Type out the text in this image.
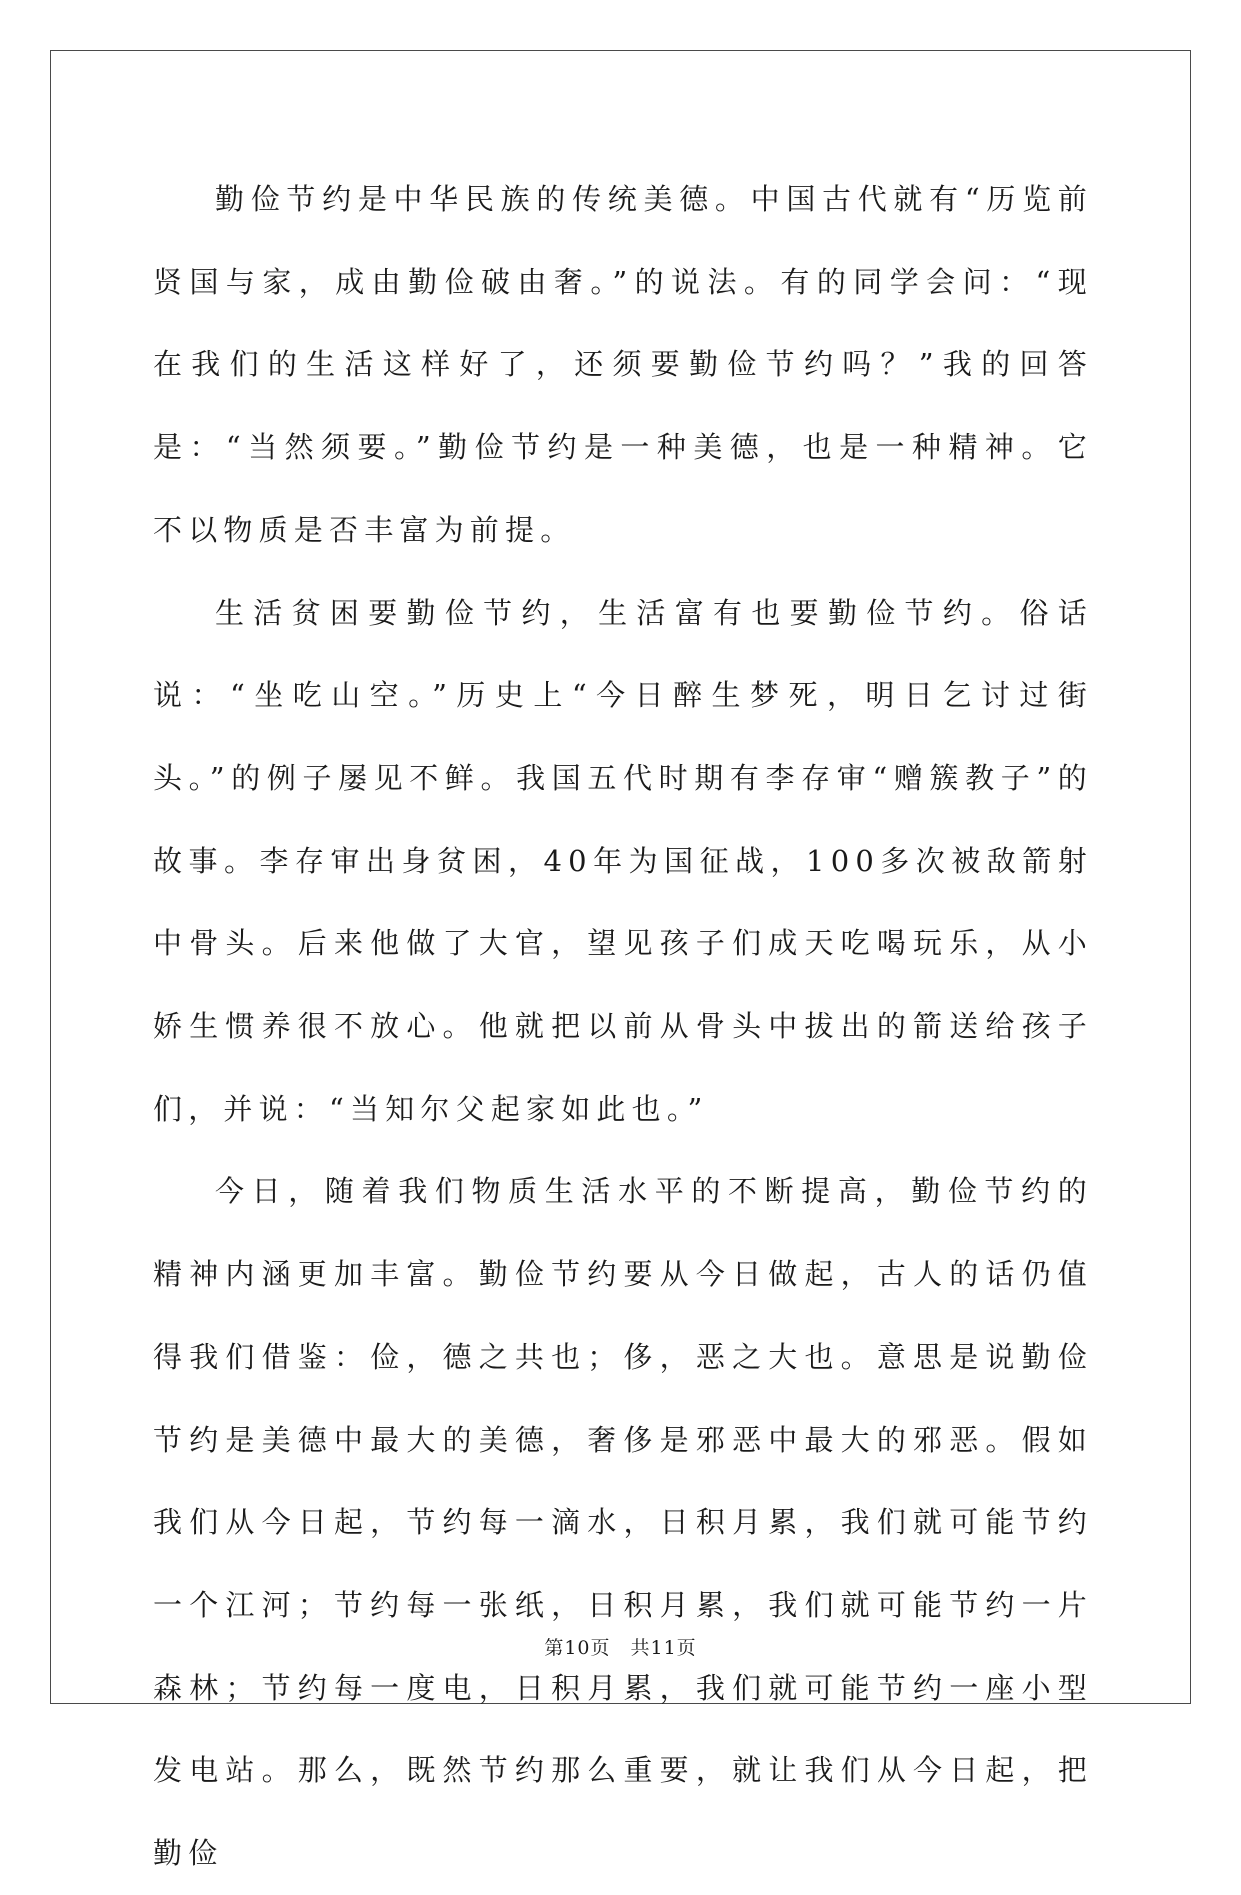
勤俭节约是中华民族的传统美德。中国古代就有“历览前贤国与家，成由勤俭破由奢。”的说法。有的同学会问：“现在我们的生活这样好了，还须要勤俭节约吗？”我的回答是：“当然须要。”勤俭节约是一种美德，也是一种精神。它不以物质是否丰富为前提。

生活贫困要勤俭节约，生活富有也要勤俭节约。俗话说：“坐吃山空。”历史上“今日醉生梦死，明日乞讨过街头。”的例子屡见不鲜。我国五代时期有李存审“赠簇教子”的故事。李存审出身贫困，40年为国征战，100多次被敌箭射中骨头。后来他做了大官，望见孩子们成天吃喝玩乐，从小娇生惯养很不放心。他就把以前从骨头中拔出的箭送给孩子们，并说：“当知尔父起家如此也。”

今日，随着我们物质生活水平的不断提高，勤俭节约的精神内涵更加丰富。勤俭节约要从今日做起，古人的话仍值得我们借鉴：俭，德之共也；侈，恶之大也。意思是说勤俭节约是美德中最大的美德，奢侈是邪恶中最大的邪恶。假如我们从今日起，节约每一滴水，日积月累，我们就可能节约一个江河；节约每一张纸，日积月累，我们就可能节约一片森林；节约每一度电，日积月累，我们就可能节约一座小型发电站。那么，既然节约那么重要，就让我们从今日起，把勤俭

第10页　共11页
